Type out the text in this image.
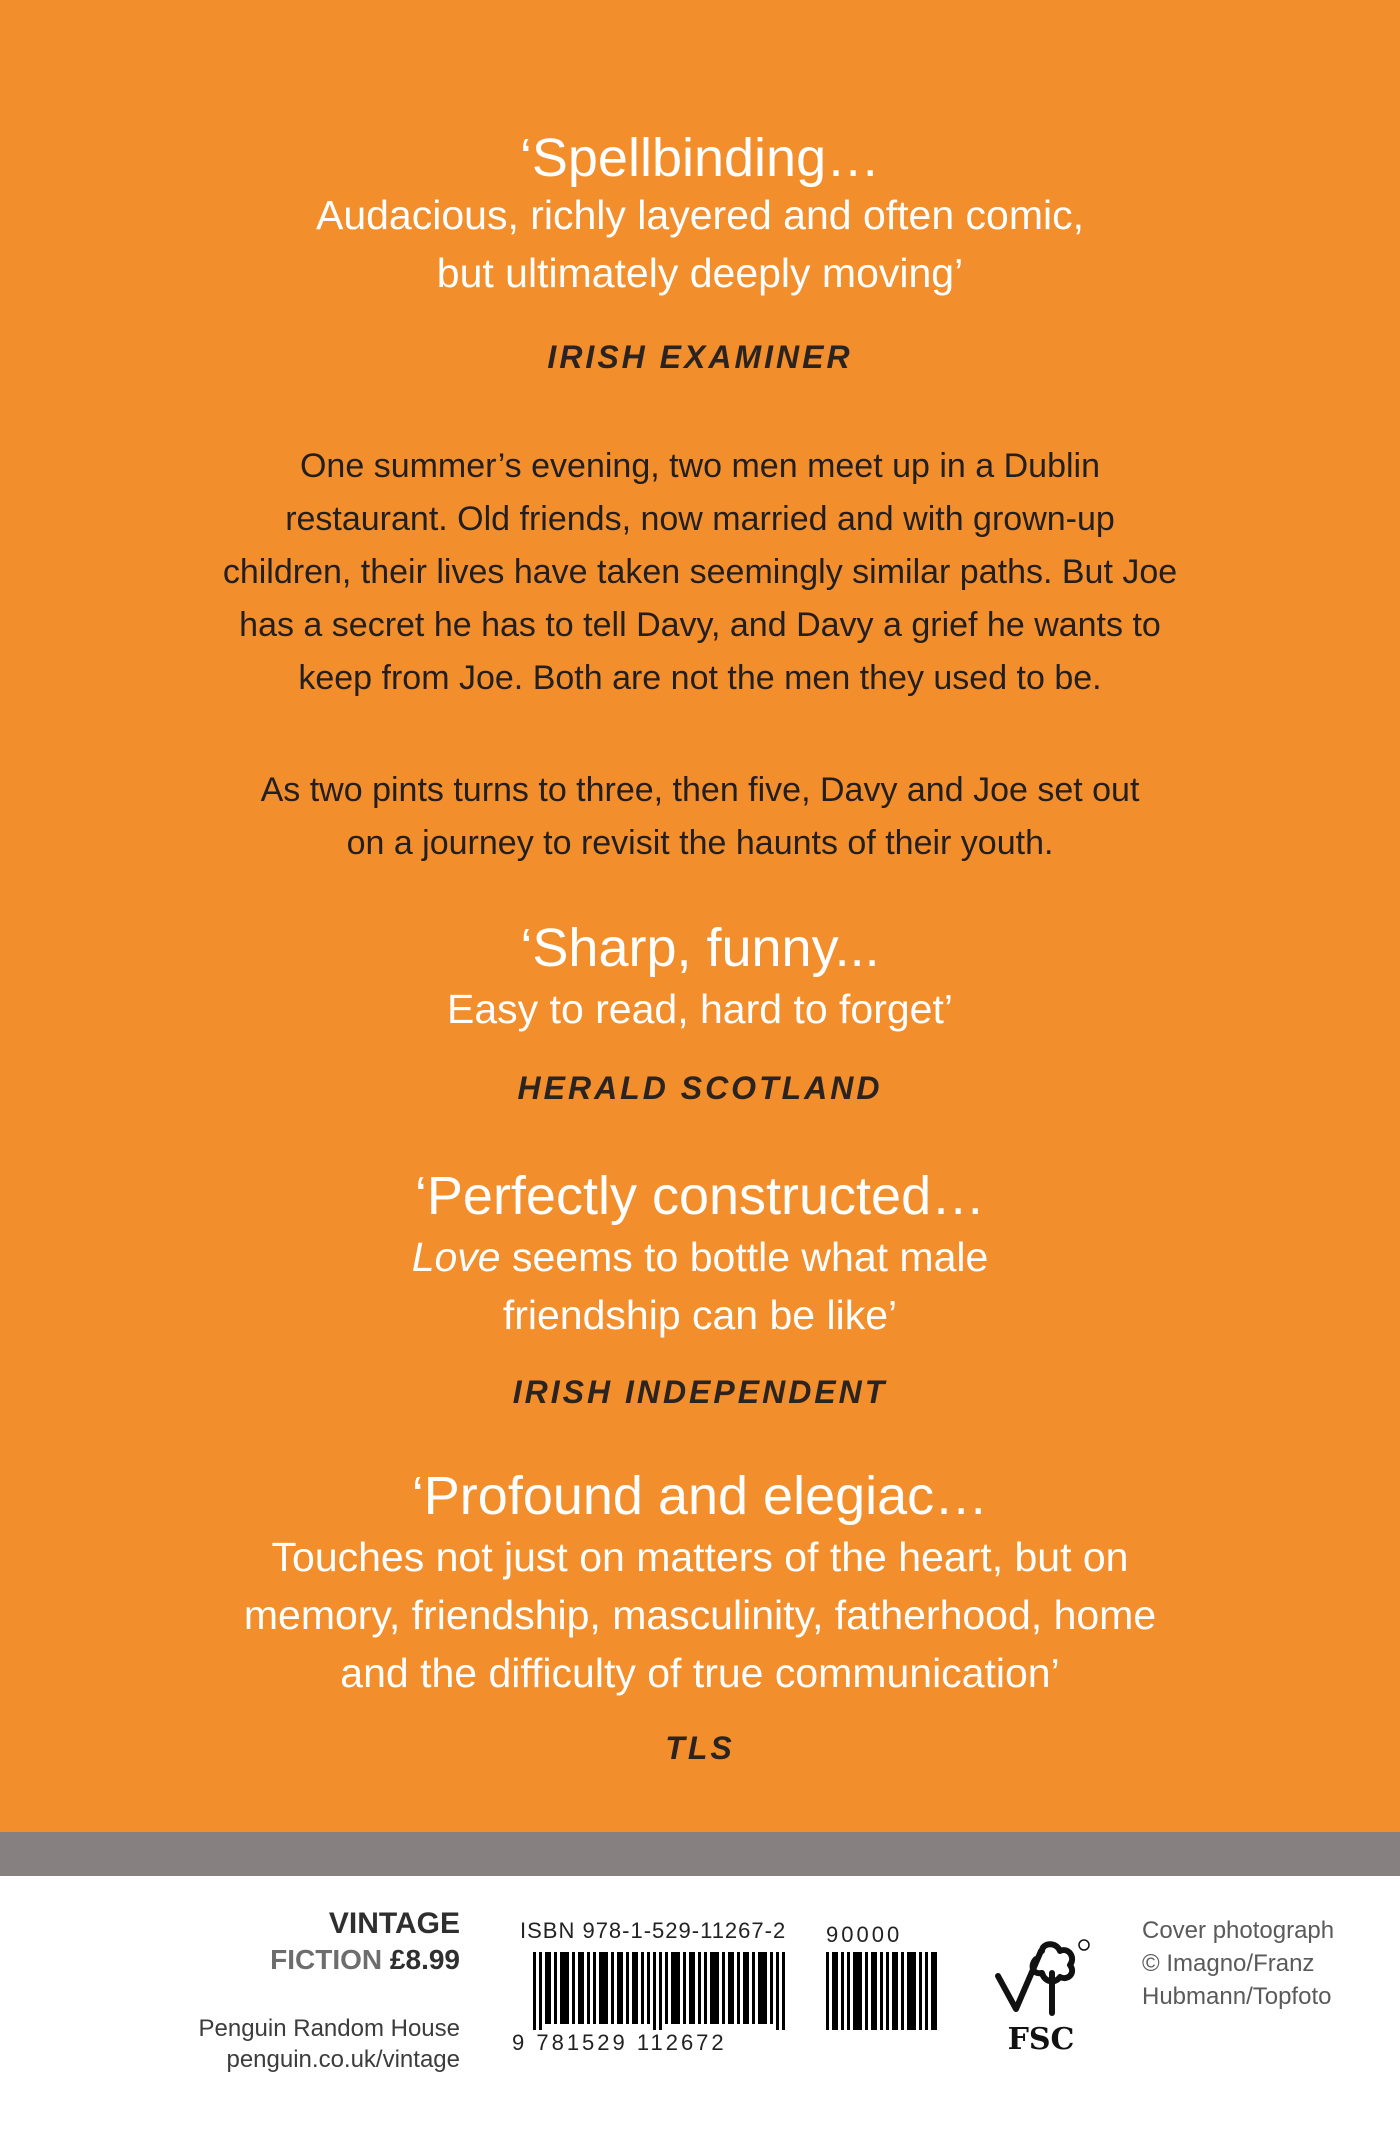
‘Spellbinding…
Audacious, richly layered and often comic,
but ultimately deeply moving’
IRISH EXAMINER
One summer’s evening, two men meet up in a Dublin
restaurant. Old friends, now married and with grown-up
children, their lives have taken seemingly similar paths. But Joe
has a secret he has to tell Davy, and Davy a grief he wants to
keep from Joe. Both are not the men they used to be.
As two pints turns to three, then five, Davy and Joe set out
on a journey to revisit the haunts of their youth.
‘Sharp, funny...
Easy to read, hard to forget’
HERALD SCOTLAND
‘Perfectly constructed…
Love seems to bottle what male
friendship can be like’
IRISH INDEPENDENT
‘Profound and elegiac…
Touches not just on matters of the heart, but on
memory, friendship, masculinity, fatherhood, home
and the difficulty of true communication’
TLS
VINTAGE
FICTION £8.99
Penguin Random House
penguin.co.uk/vintage
ISBN 978-1-529-11267-2
9 781529 112672
90000
FSC
Cover photograph
© Imagno/Franz
Hubmann/Topfoto
